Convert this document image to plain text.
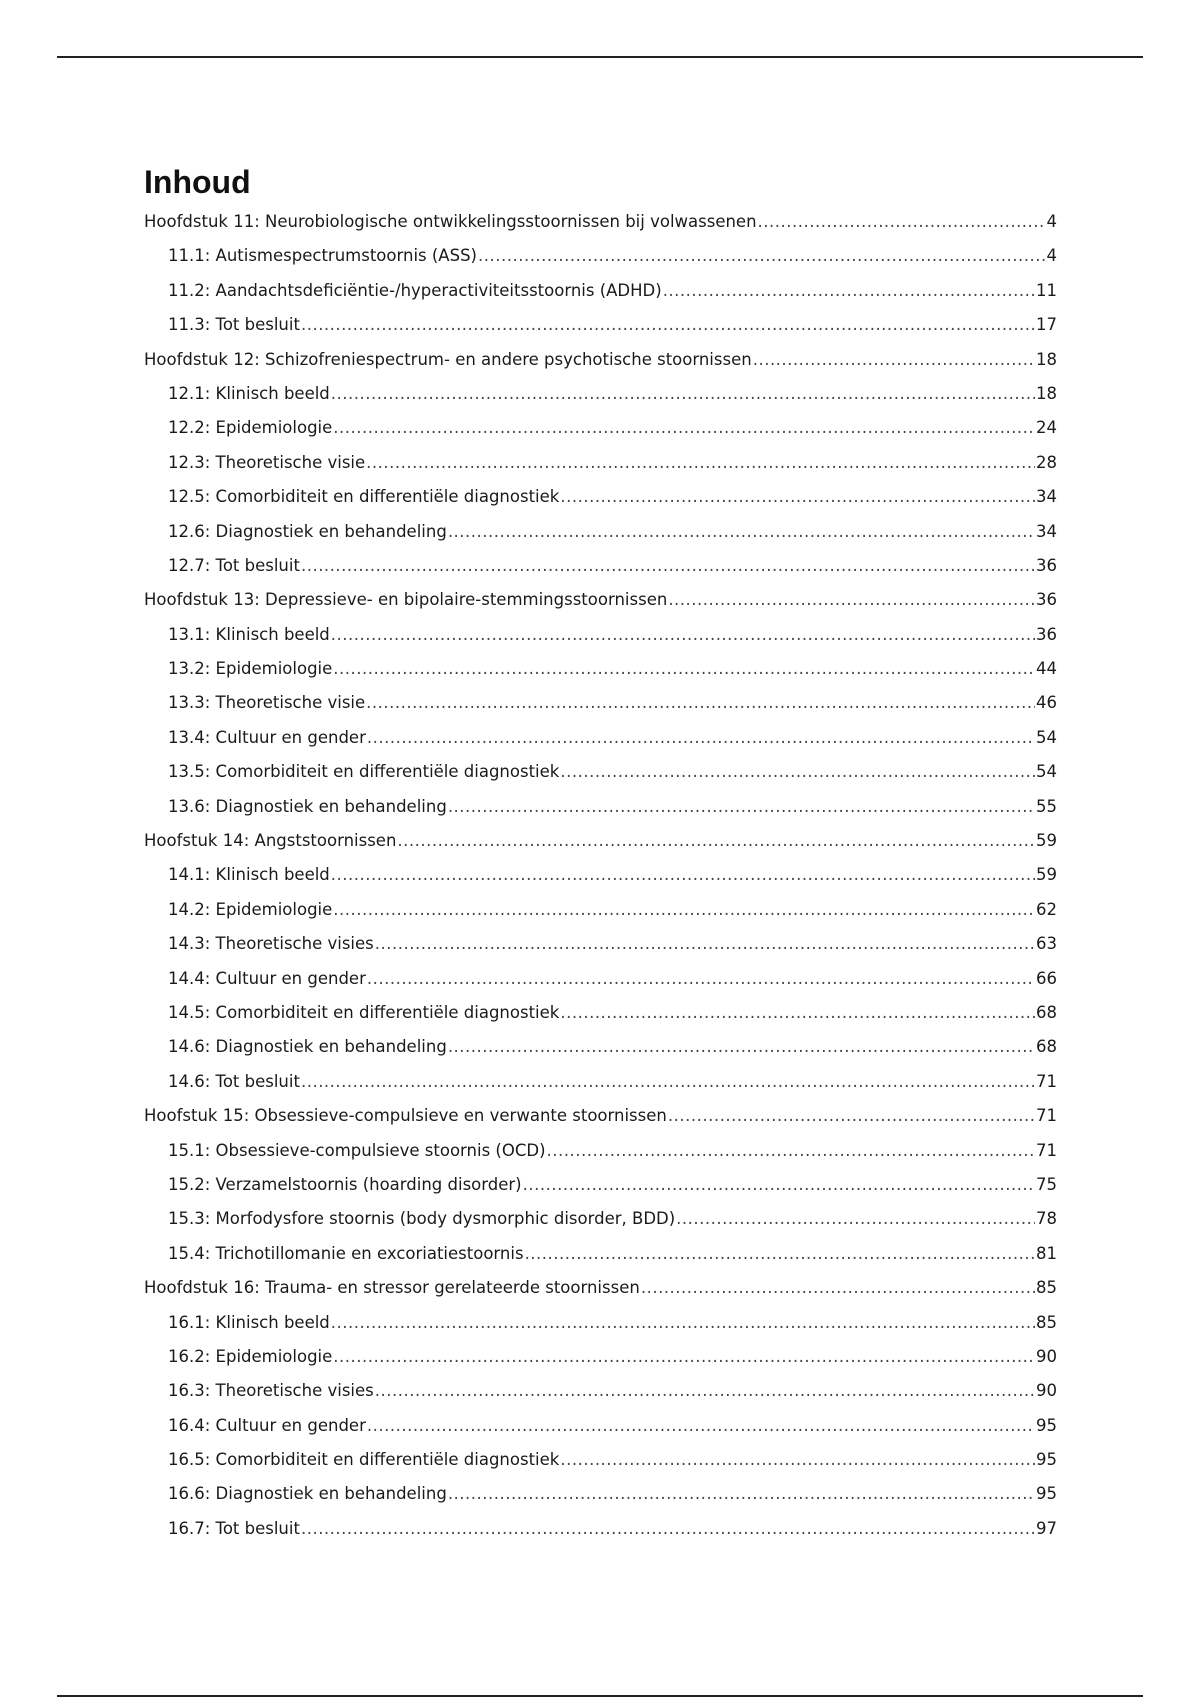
Inhoud
Hoofdstuk 11: Neurobiologische ontwikkelingsstoornissen bij volwassenen .....	4
11.1: Autismespectrumstoornis (ASS) .....	4
11.2: Aandachtsdeficiëntie-/hyperactiviteitsstoornis (ADHD) .....	11
11.3: Tot besluit .....	17
Hoofdstuk 12: Schizofreniespectrum- en andere psychotische stoornissen .....	18
12.1: Klinisch beeld .....	18
12.2: Epidemiologie .....	24
12.3: Theoretische visie .....	28
12.5: Comorbiditeit en differentiële diagnostiek .....	34
12.6: Diagnostiek en behandeling .....	34
12.7: Tot besluit .....	36
Hoofdstuk 13: Depressieve- en bipolaire-stemmingsstoornissen .....	36
13.1: Klinisch beeld .....	36
13.2: Epidemiologie .....	44
13.3: Theoretische visie .....	46
13.4: Cultuur en gender .....	54
13.5: Comorbiditeit en differentiële diagnostiek .....	54
13.6: Diagnostiek en behandeling .....	55
Hoofstuk 14: Angststoornissen .....	59
14.1: Klinisch beeld .....	59
14.2: Epidemiologie .....	62
14.3: Theoretische visies .....	63
14.4: Cultuur en gender .....	66
14.5: Comorbiditeit en differentiële diagnostiek .....	68
14.6: Diagnostiek en behandeling .....	68
14.6: Tot besluit .....	71
Hoofstuk 15: Obsessieve-compulsieve en verwante stoornissen .....	71
15.1: Obsessieve-compulsieve stoornis (OCD) .....	71
15.2: Verzamelstoornis (hoarding disorder) .....	75
15.3: Morfodysfore stoornis (body dysmorphic disorder, BDD) .....	78
15.4: Trichotillomanie en excoriatiestoornis .....	81
Hoofdstuk 16: Trauma- en stressor gerelateerde stoornissen .....	85
16.1: Klinisch beeld .....	85
16.2: Epidemiologie .....	90
16.3: Theoretische visies .....	90
16.4: Cultuur en gender .....	95
16.5: Comorbiditeit en differentiële diagnostiek .....	95
16.6: Diagnostiek en behandeling .....	95
16.7: Tot besluit .....	97
